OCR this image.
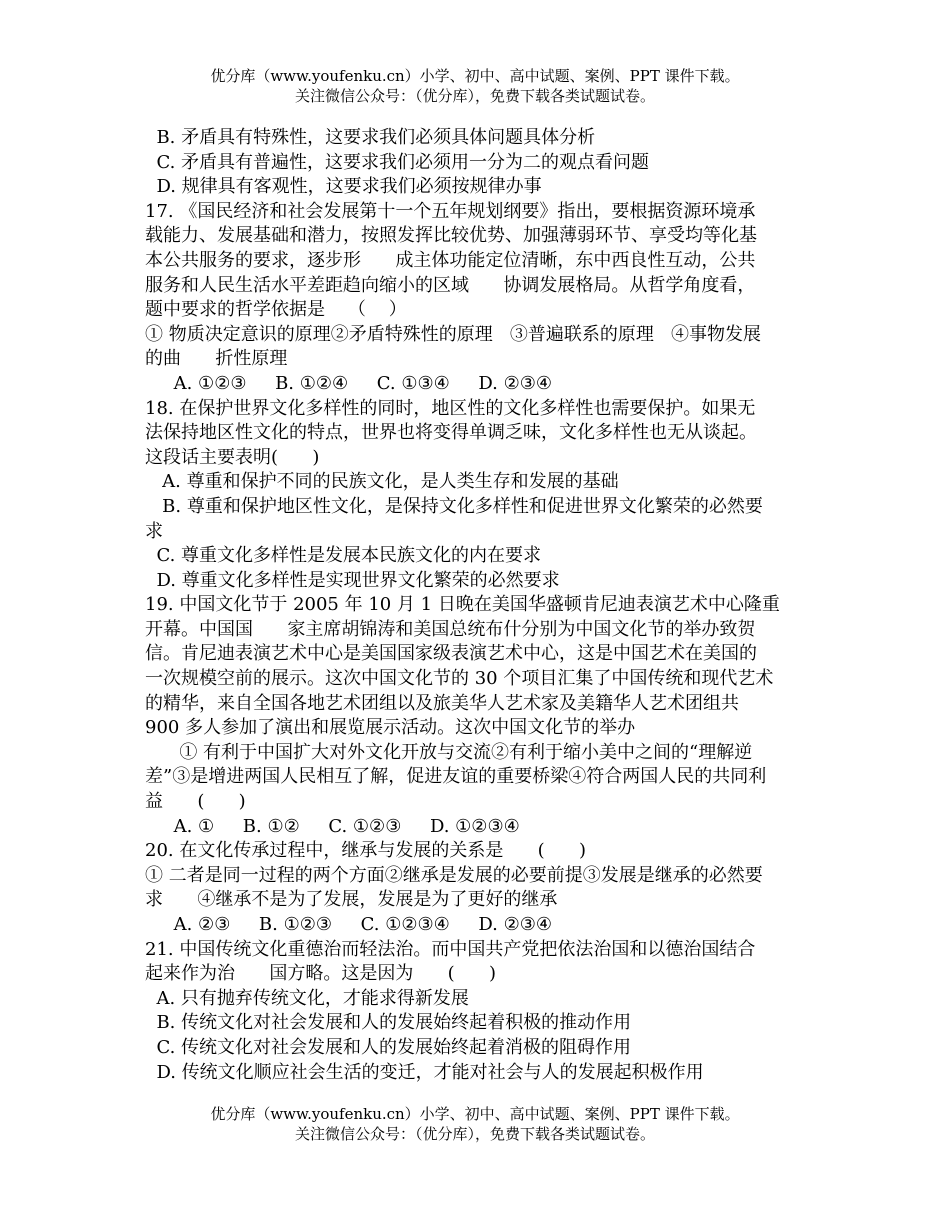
优分库（www.youfenku.cn）小学、初中、高中试题、案例、PPT 课件下载。
关注微信公众号：（优分库），免费下载各类试题试卷。
B. 矛盾具有特殊性，这要求我们必须具体问题具体分析
C. 矛盾具有普遍性，这要求我们必须用一分为二的观点看问题
D. 规律具有客观性，这要求我们必须按规律办事
17. 《国民经济和社会发展第十一个五年规划纲要》指出，要根据资源环境承
载能力、发展基础和潜力，按照发挥比较优势、加强薄弱环节、享受均等化基
本公共服务的要求，逐步形      成主体功能定位清晰，东中西良性互动，公共
服务和人民生活水平差距趋向缩小的区域      协调发展格局。从哲学角度看，
题中要求的哲学依据是    （    ）
① 物质决定意识的原理②矛盾特殊性的原理   ③普遍联系的原理   ④事物发展
的曲      折性原理
A. ①②③     B. ①②④     C. ①③④     D. ②③④
18. 在保护世界文化多样性的同时，地区性的文化多样性也需要保护。如果无
法保持地区性文化的特点，世界也将变得单调乏味，文化多样性也无从谈起。
这段话主要表明(      )
A. 尊重和保护不同的民族文化，是人类生存和发展的基础
B. 尊重和保护地区性文化，是保持文化多样性和促进世界文化繁荣的必然要
求
C. 尊重文化多样性是发展本民族文化的内在要求
D. 尊重文化多样性是实现世界文化繁荣的必然要求
19. 中国文化节于 2005 年 10 月 1 日晚在美国华盛顿肯尼迪表演艺术中心隆重
开幕。中国国      家主席胡锦涛和美国总统布什分别为中国文化节的举办致贺
信。肯尼迪表演艺术中心是美国国家级表演艺术中心，这是中国艺术在美国的
一次规模空前的展示。这次中国文化节的 30 个项目汇集了中国传统和现代艺术
的精华，来自全国各地艺术团组以及旅美华人艺术家及美籍华人艺术团组共
900 多人参加了演出和展览展示活动。这次中国文化节的举办
① 有利于中国扩大对外文化开放与交流②有利于缩小美中之间的“理解逆
差”③是增进两国人民相互了解，促进友谊的重要桥梁④符合两国人民的共同利
益      (      )
A. ①     B. ①②     C. ①②③     D. ①②③④
20. 在文化传承过程中，继承与发展的关系是      (      )
① 二者是同一过程的两个方面②继承是发展的必要前提③发展是继承的必然要
求      ④继承不是为了发展，发展是为了更好的继承
A. ②③     B. ①②③     C. ①②③④     D. ②③④
21. 中国传统文化重德治而轻法治。而中国共产党把依法治国和以德治国结合
起来作为治      国方略。这是因为      (      )
A. 只有抛弃传统文化，才能求得新发展
B. 传统文化对社会发展和人的发展始终起着积极的推动作用
C. 传统文化对社会发展和人的发展始终起着消极的阻碍作用
D. 传统文化顺应社会生活的变迁，才能对社会与人的发展起积极作用
优分库（www.youfenku.cn）小学、初中、高中试题、案例、PPT 课件下载。
关注微信公众号：（优分库），免费下载各类试题试卷。
